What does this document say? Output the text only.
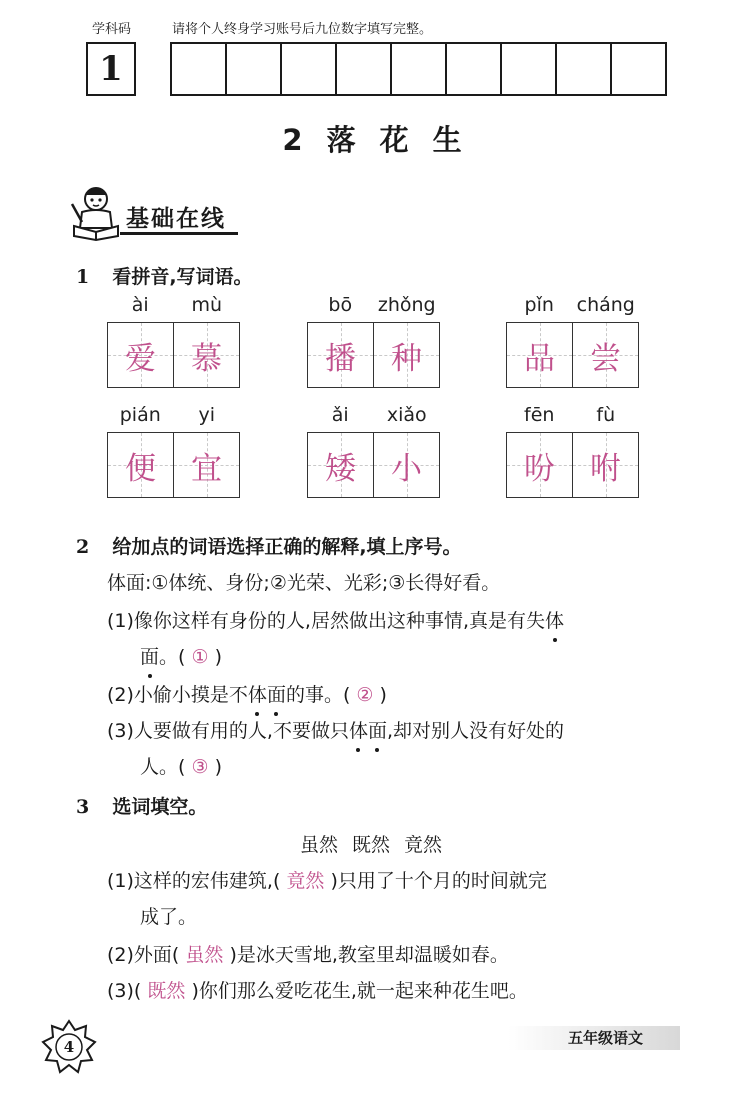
学科码	请将个人终身学习账号后九位数字填写完整。
1
2 落 花 生
基础在线
1 看拼音,写词语。
ài	mù
爱 慕
bō	zhǒng
播 种
pǐn	cháng
品 尝
pián	yi
便 宜
ǎi	xiǎo
矮 小
fēn	fù
吩 咐
2 给加点的词语选择正确的解释,填上序号。
体面:①体统、身份;②光荣、光彩;③长得好看。
(1)像你这样有身份的人,居然做出这种事情,真是有失体
面。( ① )
(2)小偷小摸是不体面的事。( ② )
(3)人要做有用的人,不要做只体面,却对别人没有好处的
人。( ③ )
3 选词填空。
虽然 既然 竟然
(1)这样的宏伟建筑,( 竟然 )只用了十个月的时间就完
成了。
(2)外面( 虽然 )是冰天雪地,教室里却温暖如春。
(3)( 既然 )你们那么爱吃花生,就一起来种花生吧。
4	五年级语文
